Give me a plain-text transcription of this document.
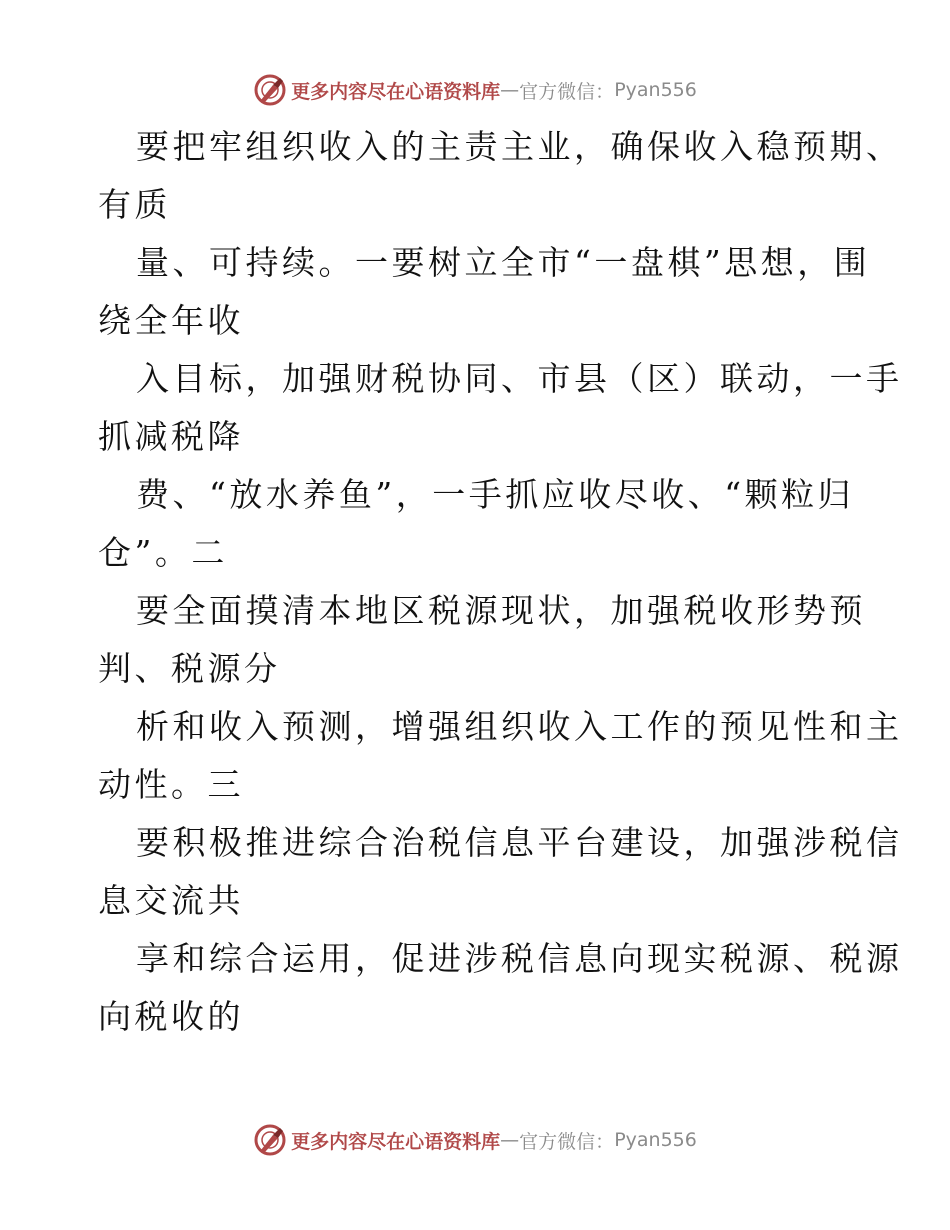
更多内容尽在心语资料库 — 官方微信： Pyan556
要把牢组织收入的主责主业，确保收入稳预期、
有质
量、可持续。一要树立全市“一盘棋”思想，围
绕全年收
入目标，加强财税协同、市县（区）联动，一手
抓减税降
费、“放水养鱼”，一手抓应收尽收、“颗粒归
仓”。二
要全面摸清本地区税源现状，加强税收形势预
判、税源分
析和收入预测，增强组织收入工作的预见性和主
动性。三
要积极推进综合治税信息平台建设，加强涉税信
息交流共
享和综合运用，促进涉税信息向现实税源、税源
向税收的
更多内容尽在心语资料库 — 官方微信： Pyan556
